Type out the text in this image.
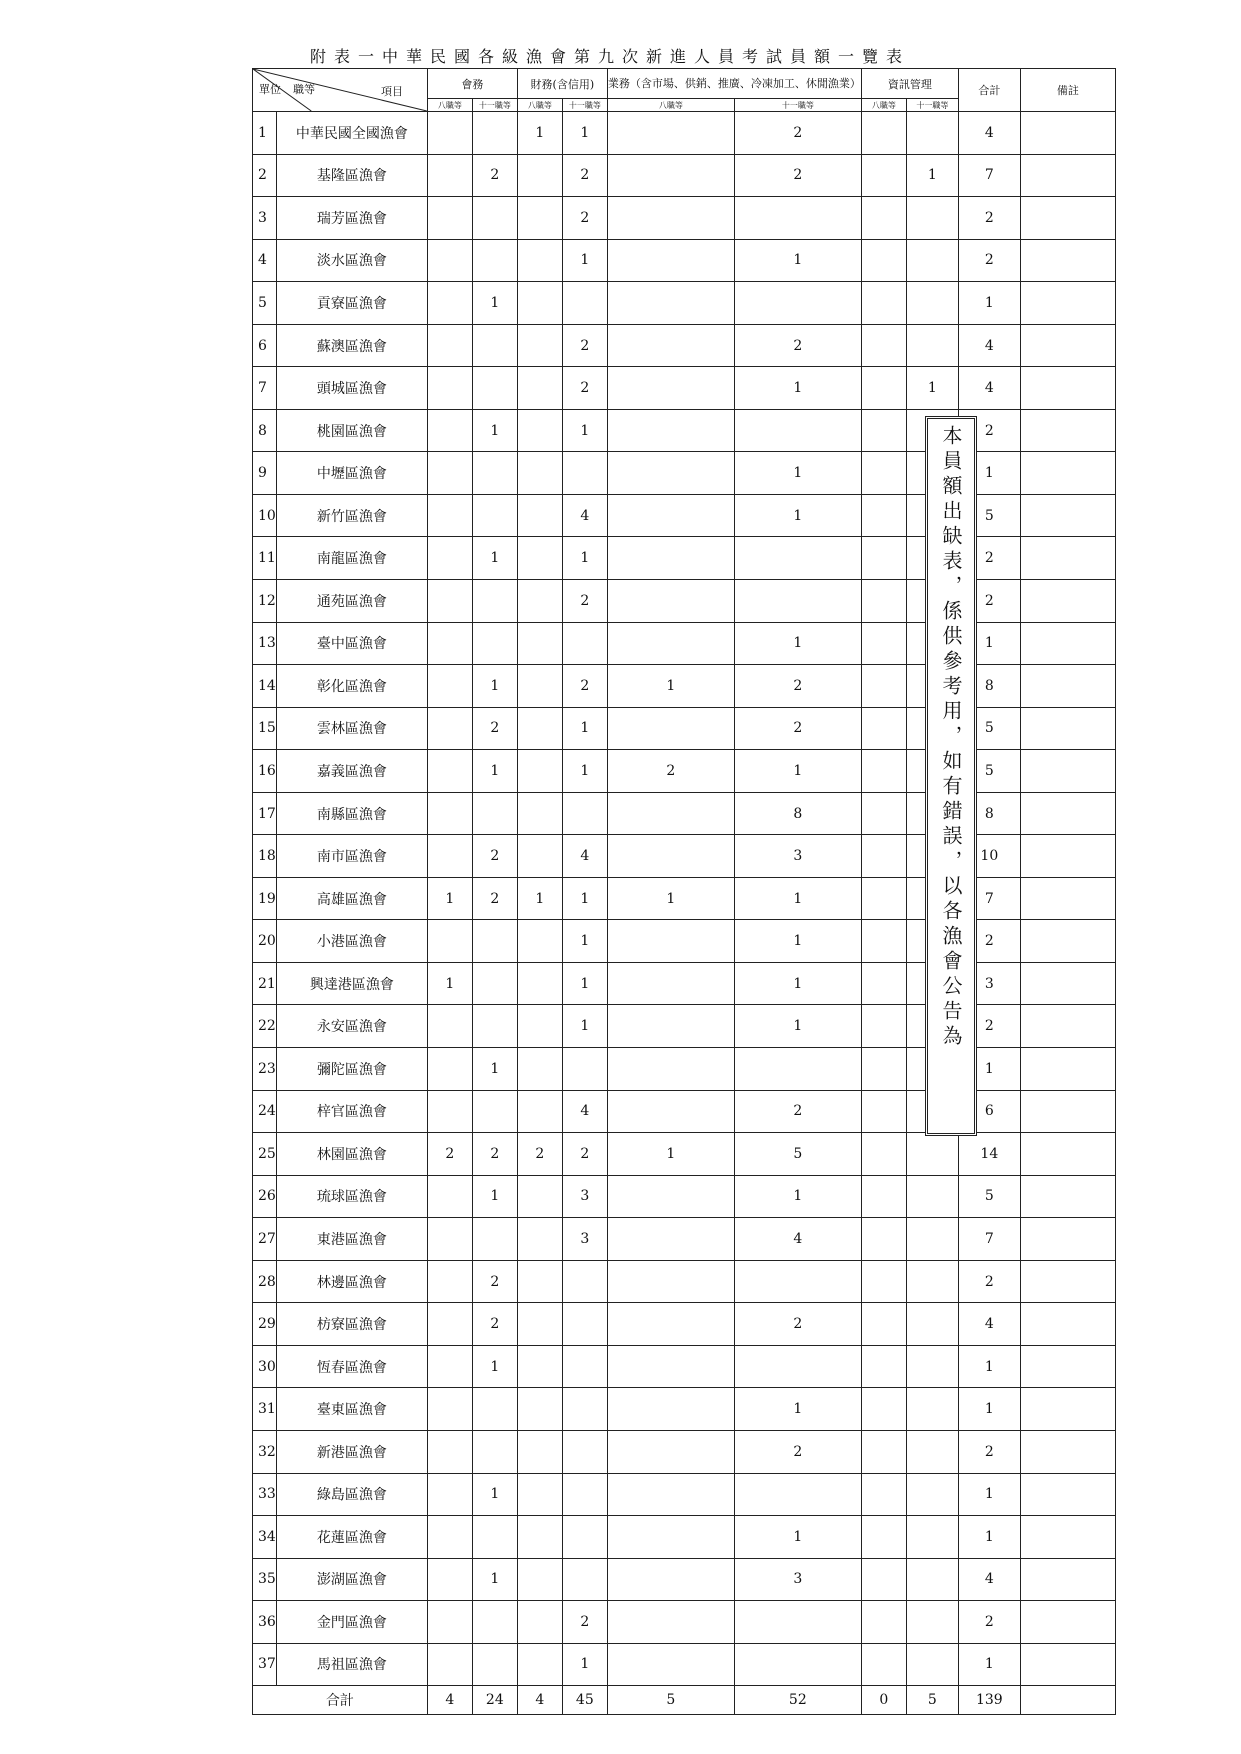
附表一中華民國各級漁會第九次新進人員考試員額一覽表
單位 職等 項目		會務		財務(含信用)		業務（含市場、供銷、推廣、冷凍加工、休閒漁業）		資訊管理		合計	備註
		八職等	十一職等	八職等	十一職等	八職等	十一職等	八職等	十一職等		
1	中華民國全國漁會			1	1		2			4	
2	基隆區漁會		2		2		2		1	7	
3	瑞芳區漁會				2					2	
4	淡水區漁會				1		1			2	
5	貢寮區漁會		1							1	
6	蘇澳區漁會				2		2			4	
7	頭城區漁會				2		1		1	4	
8	桃園區漁會		1		1					2	
9	中壢區漁會						1			1	
10	新竹區漁會				4		1			5	
11	南龍區漁會		1		1					2	
12	通苑區漁會				2					2	
13	臺中區漁會						1			1	
14	彰化區漁會		1		2	1	2			8	
15	雲林區漁會		2		1		2			5	
16	嘉義區漁會		1		1	2	1			5	
17	南縣區漁會						8			8	
18	南市區漁會		2		4		3			10	
19	高雄區漁會	1	2	1	1	1	1			7	
20	小港區漁會				1		1			2	
21	興達港區漁會	1			1		1			3	
22	永安區漁會				1		1			2	
23	彌陀區漁會		1							1	
24	梓官區漁會				4		2			6	
25	林園區漁會	2	2	2	2	1	5			14	
26	琉球區漁會		1		3		1			5	
27	東港區漁會				3		4			7	
28	林邊區漁會		2							2	
29	枋寮區漁會		2				2			4	
30	恆春區漁會		1							1	
31	臺東區漁會						1			1	
32	新港區漁會						2			2	
33	綠島區漁會		1							1	
34	花蓮區漁會						1			1	
35	澎湖區漁會		1				3			4	
36	金門區漁會				2					2	
37	馬祖區漁會				1					1	
合計		4	24	4	45	5	52	0	5	139	
本員額出缺表，係供參考用，如有錯誤，以各漁會公告為
